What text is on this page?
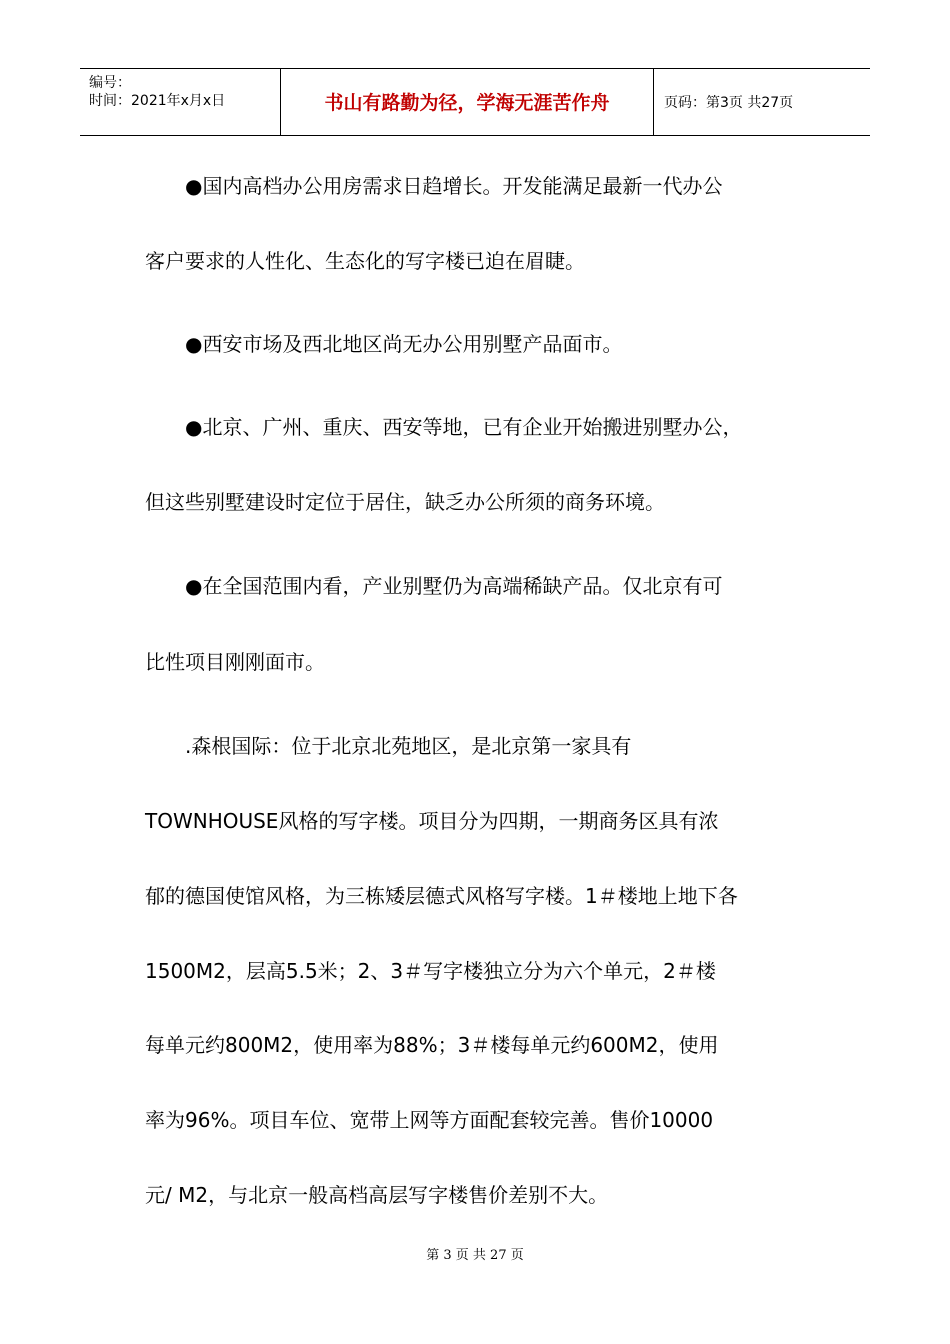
编号：
时间：2021年x月x日	书山有路勤为径，学海无涯苦作舟	页码：第3页 共27页
　　●国内高档办公用房需求日趋增长。开发能满足最新一代办公
客户要求的人性化、生态化的写字楼已迫在眉睫。
　　●西安市场及西北地区尚无办公用别墅产品面市。
　　●北京、广州、重庆、西安等地，已有企业开始搬进别墅办公，
但这些别墅建设时定位于居住，缺乏办公所须的商务环境。
　　●在全国范围内看，产业别墅仍为高端稀缺产品。仅北京有可
比性项目刚刚面市。
　　.森根国际：位于北京北苑地区，是北京第一家具有
TOWNHOUSE风格的写字楼。项目分为四期，一期商务区具有浓
郁的德国使馆风格，为三栋矮层德式风格写字楼。1＃楼地上地下各
1500M2，层高5.5米；2、3＃写字楼独立分为六个单元，2＃楼
每单元约800M2，使用率为88%；3＃楼每单元约600M2，使用
率为96%。项目车位、宽带上网等方面配套较完善。售价10000
元/ M2，与北京一般高档高层写字楼售价差别不大。
第 3 页 共 27 页
